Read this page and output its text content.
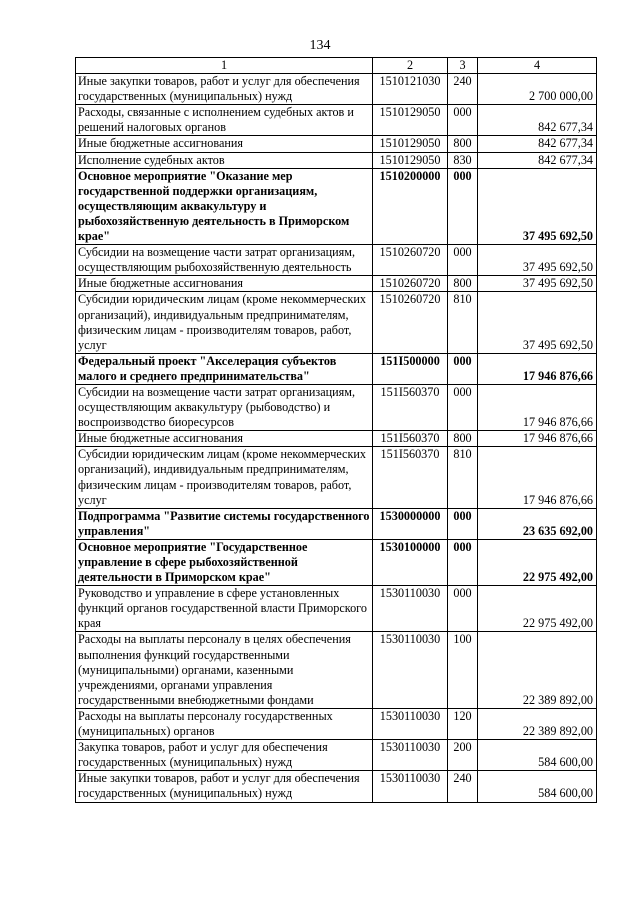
134
1	2	3	4
Иные закупки товаров, работ и услуг для обеспечения государственных (муниципальных) нужд	1510121030	240	2 700 000,00
Расходы, связанные с исполнением судебных актов и решений налоговых органов	1510129050	000	842 677,34
Иные бюджетные ассигнования	1510129050	800	842 677,34
Исполнение судебных актов	1510129050	830	842 677,34
Основное мероприятие "Оказание мер государственной поддержки организациям, осуществляющим аквакультуру и рыбохозяйственную деятельность в Приморском крае"	1510200000	000	37 495 692,50
Субсидии на возмещение части затрат организациям, осуществляющим рыбохозяйственную деятельность	1510260720	000	37 495 692,50
Иные бюджетные ассигнования	1510260720	800	37 495 692,50
Субсидии юридическим лицам (кроме некоммерческих организаций), индивидуальным предпринимателям, физическим лицам - производителям товаров, работ, услуг	1510260720	810	37 495 692,50
Федеральный проект "Акселерация субъектов малого и среднего предпринимательства"	151I500000	000	17 946 876,66
Субсидии на возмещение части затрат организациям, осуществляющим аквакультуру (рыбоводство) и воспроизводство биоресурсов	151I560370	000	17 946 876,66
Иные бюджетные ассигнования	151I560370	800	17 946 876,66
Субсидии юридическим лицам (кроме некоммерческих организаций), индивидуальным предпринимателям, физическим лицам - производителям товаров, работ, услуг	151I560370	810	17 946 876,66
Подпрограмма "Развитие системы государственного управления"	1530000000	000	23 635 692,00
Основное мероприятие "Государственное управление в сфере рыбохозяйственной деятельности в Приморском крае"	1530100000	000	22 975 492,00
Руководство и управление в сфере установленных функций органов государственной власти Приморского края	1530110030	000	22 975 492,00
Расходы на выплаты персоналу в целях обеспечения выполнения функций государственными (муниципальными) органами, казенными учреждениями, органами управления государственными внебюджетными фондами	1530110030	100	22 389 892,00
Расходы на выплаты персоналу государственных (муниципальных) органов	1530110030	120	22 389 892,00
Закупка товаров, работ и услуг для обеспечения государственных (муниципальных) нужд	1530110030	200	584 600,00
Иные закупки товаров, работ и услуг для обеспечения государственных (муниципальных) нужд	1530110030	240	584 600,00
